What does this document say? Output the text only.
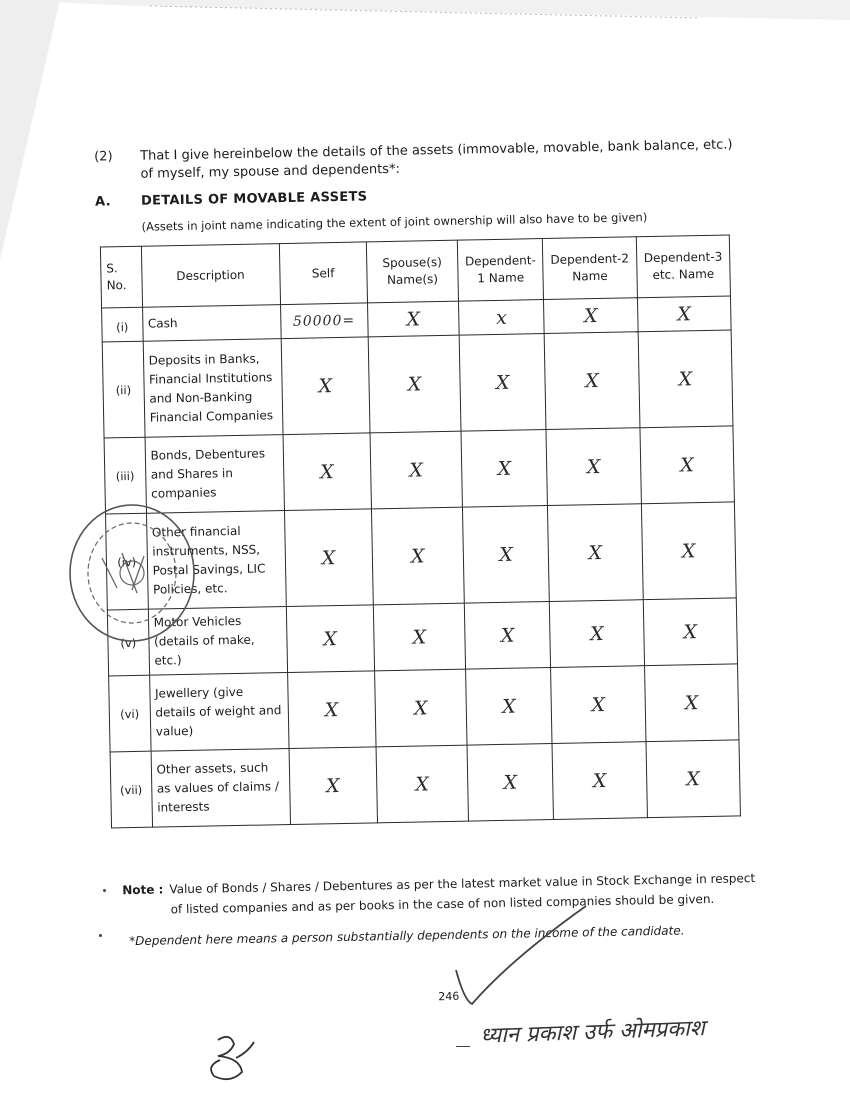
(2) That I give hereinbelow the details of the assets (immovable, movable, bank balance, etc.) of myself, my spouse and dependents*:
A. DETAILS OF MOVABLE ASSETS
(Assets in joint name indicating the extent of joint ownership will also have to be given)
S. No.	Description	Self	Spouse(s) Name(s)	Dependent-1 Name	Dependent-2 Name	Dependent-3 etc. Name
(i)	Cash	50000=	X	x	X	X
(ii)	Deposits in Banks, Financial Institutions and Non-Banking Financial Companies	X	X	X	X	X
(iii)	Bonds, Debentures and Shares in companies	X	X	X	X	X
(iv)	Other financial instruments, NSS, Postal Savings, LIC Policies, etc.	X	X	X	X	X
(v)	Motor Vehicles (details of make, etc.)	X	X	X	X	X
(vi)	Jewellery (give details of weight and value)	X	X	X	X	X
(vii)	Other assets, such as values of claims / interests	X	X	X	X	X
Note : Value of Bonds / Shares / Debentures as per the latest market value in Stock Exchange in respect
of listed companies and as per books in the case of non listed companies should be given.
*Dependent here means a person substantially dependents on the income of the candidate.
246
ध्यान प्रकाश उर्फ ओमप्रकाश
